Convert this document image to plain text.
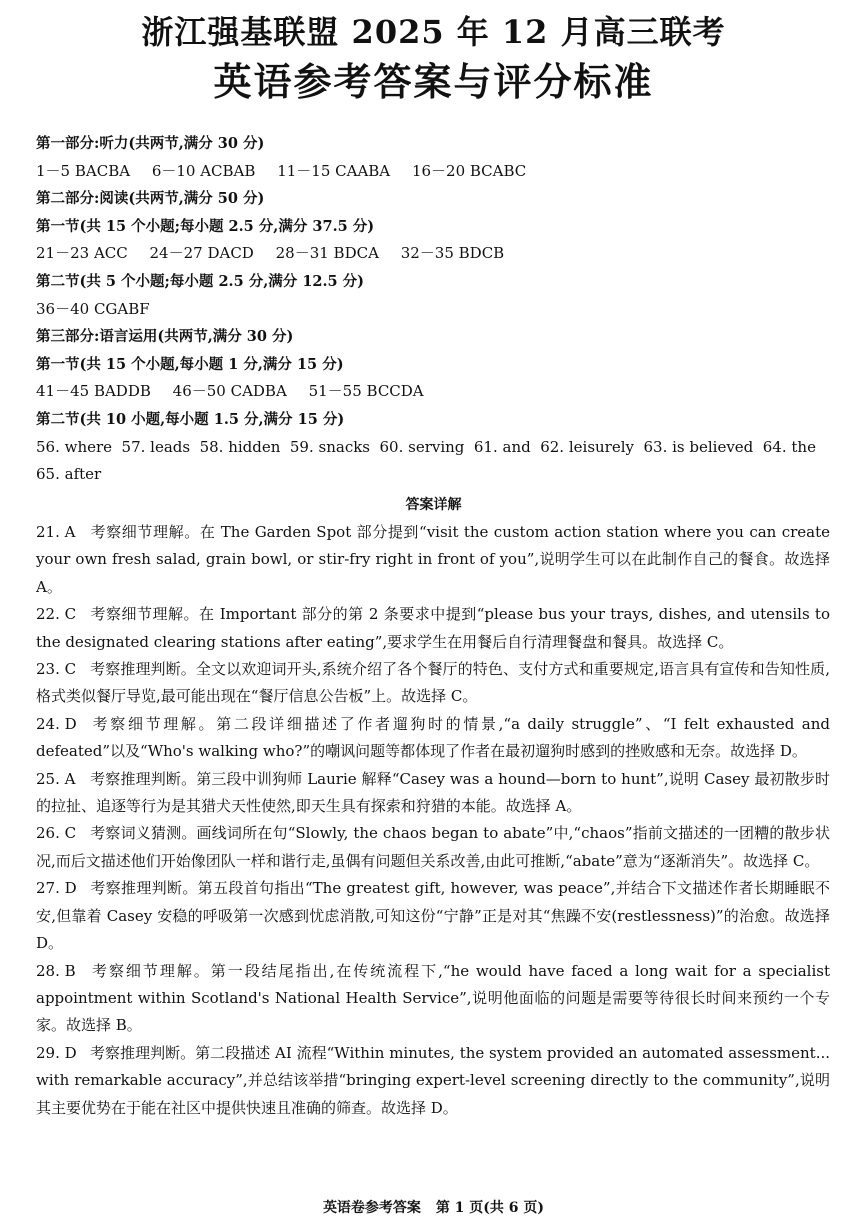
浙江强基联盟 2025 年 12 月高三联考
英语参考答案与评分标准
第一部分:听力(共两节,满分 30 分)
1－5 BACBA 6－10 ACBAB 11－15 CAABA 16－20 BCABC
第二部分:阅读(共两节,满分 50 分)
第一节(共 15 个小题;每小题 2.5 分,满分 37.5 分)
21－23 ACC 24－27 DACD 28－31 BDCA 32－35 BDCB
第二节(共 5 个小题;每小题 2.5 分,满分 12.5 分)
36－40 CGABF
第三部分:语言运用(共两节,满分 30 分)
第一节(共 15 个小题,每小题 1 分,满分 15 分)
41－45 BADDB 46－50 CADBA 51－55 BCCDA
第二节(共 10 小题,每小题 1.5 分,满分 15 分)
56. where 57. leads 58. hidden 59. snacks 60. serving 61. and 62. leisurely 63. is believed 64. the
65. after
答案详解
21. A 考察细节理解。在 The Garden Spot 部分提到“visit the custom action station where you can create your own fresh salad, grain bowl, or stir-fry right in front of you”,说明学生可以在此制作自己的餐食。故选择 A。
22. C 考察细节理解。在 Important 部分的第 2 条要求中提到“please bus your trays, dishes, and utensils to the designated clearing stations after eating”,要求学生在用餐后自行清理餐盘和餐具。故选择 C。
23. C 考察推理判断。全文以欢迎词开头,系统介绍了各个餐厅的特色、支付方式和重要规定,语言具有宣传和告知性质,格式类似餐厅导览,最可能出现在“餐厅信息公告板”上。故选择 C。
24. D 考察细节理解。第二段详细描述了作者遛狗时的情景,“a daily struggle”、“I felt exhausted and defeated”以及“Who's walking who?”的嘲讽问题等都体现了作者在最初遛狗时感到的挫败感和无奈。故选择 D。
25. A 考察推理判断。第三段中训狗师 Laurie 解释“Casey was a hound—born to hunt”,说明 Casey 最初散步时的拉扯、追逐等行为是其猎犬天性使然,即天生具有探索和狩猎的本能。故选择 A。
26. C 考察词义猜测。画线词所在句“Slowly, the chaos began to abate”中,“chaos”指前文描述的一团糟的散步状况,而后文描述他们开始像团队一样和谐行走,虽偶有问题但关系改善,由此可推断,“abate”意为“逐渐消失”。故选择 C。
27. D 考察推理判断。第五段首句指出“The greatest gift, however, was peace”,并结合下文描述作者长期睡眠不安,但靠着 Casey 安稳的呼吸第一次感到忧虑消散,可知这份“宁静”正是对其“焦躁不安(restlessness)”的治愈。故选择 D。
28. B 考察细节理解。第一段结尾指出,在传统流程下,“he would have faced a long wait for a specialist appointment within Scotland's National Health Service”,说明他面临的问题是需要等待很长时间来预约一个专家。故选择 B。
29. D 考察推理判断。第二段描述 AI 流程“Within minutes, the system provided an automated assessment... with remarkable accuracy”,并总结该举措“bringing expert-level screening directly to the community”,说明其主要优势在于能在社区中提供快速且准确的筛查。故选择 D。
英语卷参考答案 第 1 页(共 6 页)
